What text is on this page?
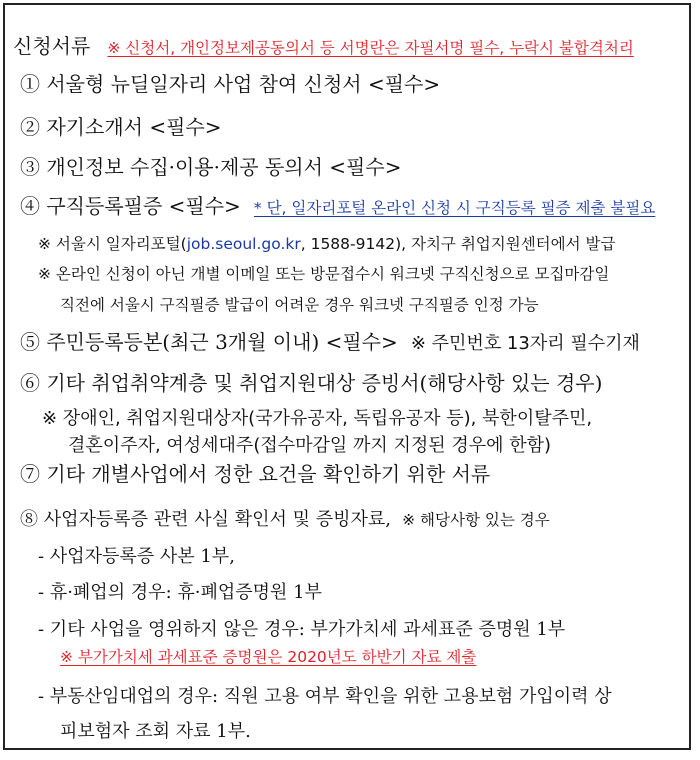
신청서류 ※ 신청서, 개인정보제공동의서 등 서명란은 자필서명 필수, 누락시 불합격처리
① 서울형 뉴딜일자리 사업 참여 신청서 <필수>
② 자기소개서 <필수>
③ 개인정보 수집·이용·제공 동의서 <필수>
④ 구직등록필증 <필수> * 단, 일자리포털 온라인 신청 시 구직등록 필증 제출 불필요
※ 서울시 일자리포털(job.seoul.go.kr, 1588-9142), 자치구 취업지원센터에서 발급
※ 온라인 신청이 아닌 개별 이메일 또는 방문접수시 워크넷 구직신청으로 모집마감일
직전에 서울시 구직필증 발급이 어려운 경우 워크넷 구직필증 인정 가능
⑤ 주민등록등본(최근 3개월 이내) <필수> ※ 주민번호 13자리 필수기재
⑥ 기타 취업취약계층 및 취업지원대상 증빙서(해당사항 있는 경우)
※ 장애인, 취업지원대상자(국가유공자, 독립유공자 등), 북한이탈주민,
결혼이주자, 여성세대주(접수마감일 까지 지정된 경우에 한함)
⑦ 기타 개별사업에서 정한 요건을 확인하기 위한 서류
⑧ 사업자등록증 관련 사실 확인서 및 증빙자료, ※ 해당사항 있는 경우
- 사업자등록증 사본 1부,
- 휴·폐업의 경우: 휴·폐업증명원 1부
- 기타 사업을 영위하지 않은 경우: 부가가치세 과세표준 증명원 1부
※ 부가가치세 과세표준 증명원은 2020년도 하반기 자료 제출
- 부동산임대업의 경우: 직원 고용 여부 확인을 위한 고용보험 가입이력 상
피보험자 조회 자료 1부.
